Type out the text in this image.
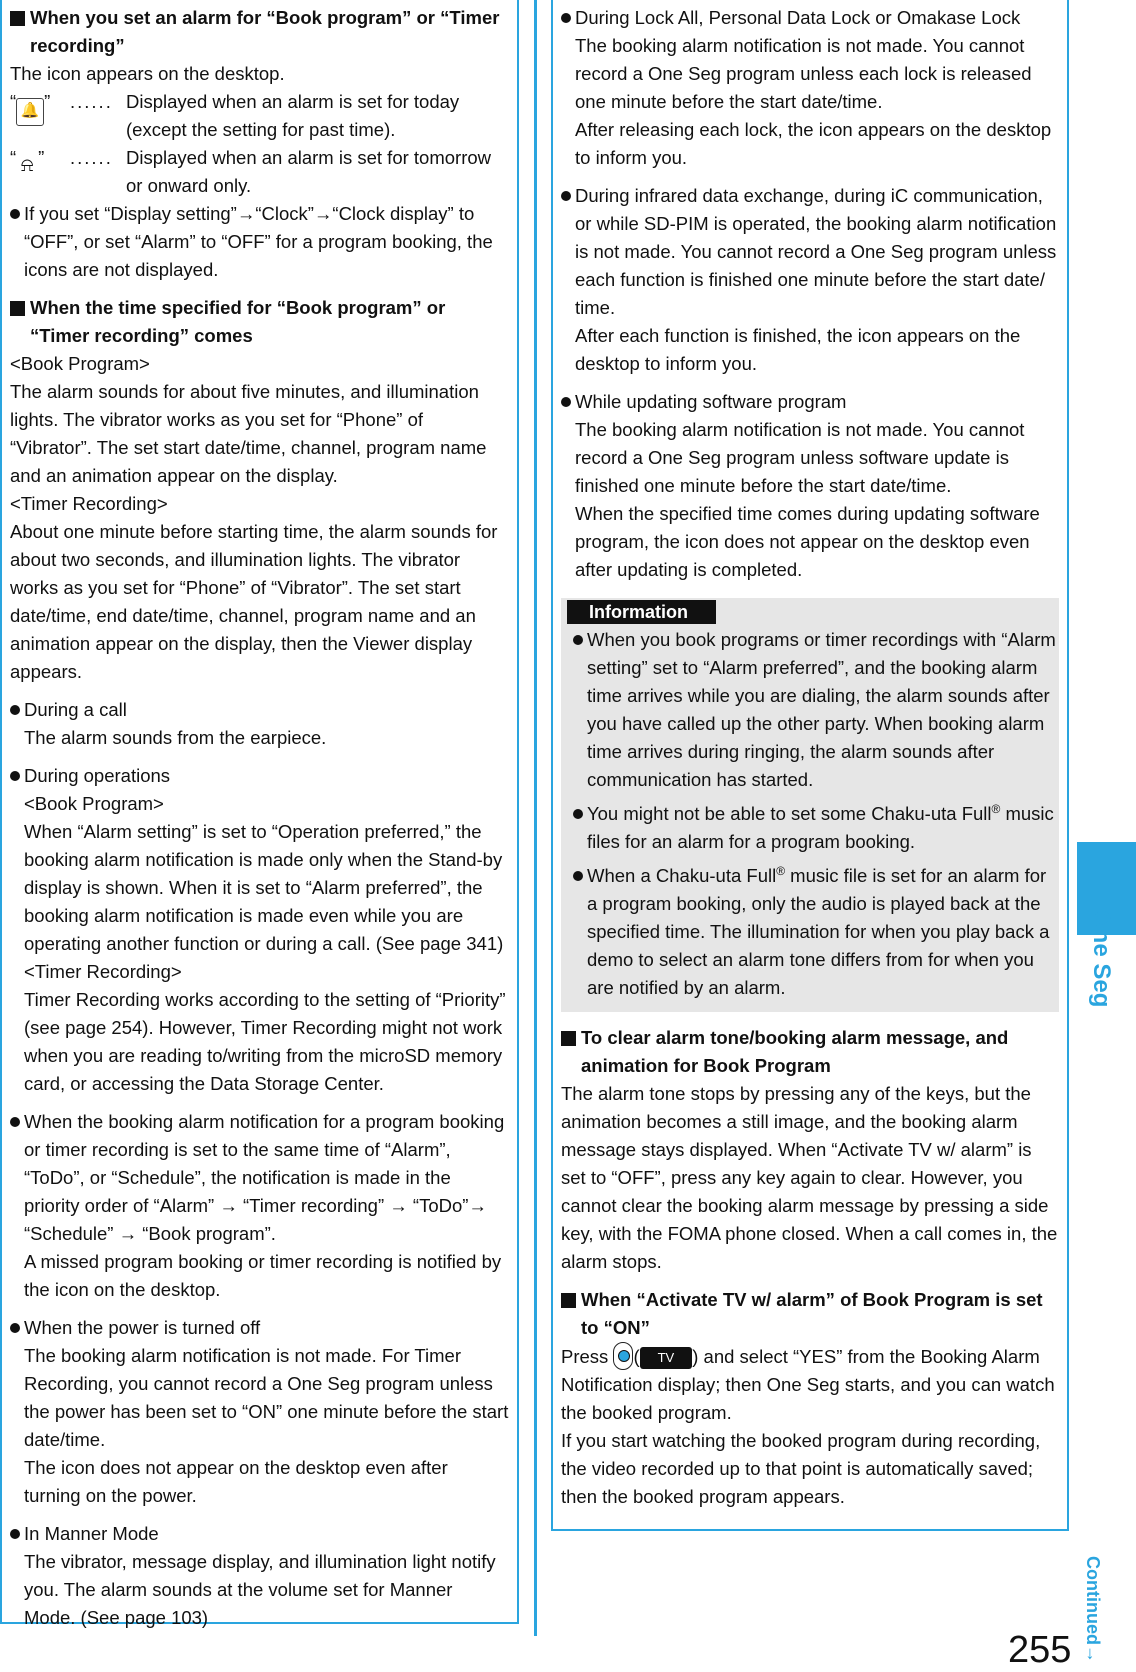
When you set an alarm for “Book program” or “Timer
recording”

The icon appears on the desktop.

“ 🔔 ” ...... Displayed when an alarm is set for today

(except the setting for past time).

“ ⍾ ” ...... Displayed when an alarm is set for tomorrow

or onward only.

If you set “Display setting”→“Clock”→“Clock display” to “OFF”, or set “Alarm” to “OFF” for a program booking, the icons are not displayed.
When the time specified for “Book program” or
“Timer recording” comes

<Book Program>

The alarm sounds for about five minutes, and illumination lights. The vibrator works as you set for “Phone” of “Vibrator”. The set start date/time, channel, program name and an animation appear on the display.

<Timer Recording>

About one minute before starting time, the alarm sounds for about two seconds, and illumination lights. The vibrator works as you set for “Phone” of “Vibrator”. The set start date/time, end date/time, channel, program name and an animation appear on the display, then the Viewer display appears.

During a call
The alarm sounds from the earpiece.
During operations
<Book Program>
When “Alarm setting” is set to “Operation preferred,” the booking alarm notification is made only when the Stand-by display is shown. When it is set to “Alarm preferred”, the booking alarm notification is made even while you are operating another function or during a call. (See page 341)
<Timer Recording>
Timer Recording works according to the setting of “Priority” (see page 254). However, Timer Recording might not work when you are reading to/writing from the microSD memory card, or accessing the Data Storage Center.
When the booking alarm notification for a program booking or timer recording is set to the same time of “Alarm”, “ToDo”, or “Schedule”, the notification is made in the priority order of “Alarm” → “Timer recording” → “ToDo”→ “Schedule” → “Book program”.
A missed program booking or timer recording is notified by the icon on the desktop.
When the power is turned off
The booking alarm notification is not made. For Timer Recording, you cannot record a One Seg program unless the power has been set to “ON” one minute before the start date/time.
The icon does not appear on the desktop even after turning on the power.
In Manner Mode
The vibrator, message display, and illumination light notify you. The alarm sounds at the volume set for Manner Mode. (See page 103)
During Lock All, Personal Data Lock or Omakase Lock
The booking alarm notification is not made. You cannot record a One Seg program unless each lock is released one minute before the start date/time.
After releasing each lock, the icon appears on the desktop to inform you.
During infrared data exchange, during iC communication, or while SD-PIM is operated, the booking alarm notification is not made. You cannot record a One Seg program unless each function is finished one minute before the start date/ time.
After each function is finished, the icon appears on the desktop to inform you.
While updating software program
The booking alarm notification is not made. You cannot record a One Seg program unless software update is finished one minute before the start date/time.
When the specified time comes during updating software program, the icon does not appear on the desktop even after updating is completed.
Information
When you book programs or timer recordings with “Alarm setting” set to “Alarm preferred”, and the booking alarm time arrives while you are dialing, the alarm sounds after you have called up the other party. When booking alarm time arrives during ringing, the alarm sounds after communication has started.
You might not be able to set some Chaku-uta Full® music files for an alarm for a program booking.
When a Chaku-uta Full® music file is set for an alarm for a program booking, only the audio is played back at the specified time. The illumination for when you play back a demo to select an alarm tone differs from for when you are notified by an alarm.
To clear alarm tone/booking alarm message, and
animation for Book Program

The alarm tone stops by pressing any of the keys, but the animation becomes a still image, and the booking alarm message stays displayed. When “Activate TV w/ alarm” is set to “OFF”, press any key again to clear. However, you cannot clear the booking alarm message by pressing a side key, with the FOMA phone closed. When a call comes in, the alarm stops.

When “Activate TV w/ alarm” of Book Program is set
to “ON”

Press ( TV ) and select “YES” from the Booking Alarm Notification display; then One Seg starts, and you can watch the booked program.

If you start watching the booked program during recording, the video recorded up to that point is automatically saved; then the booked program appears.

One Seg
Continued→
255
